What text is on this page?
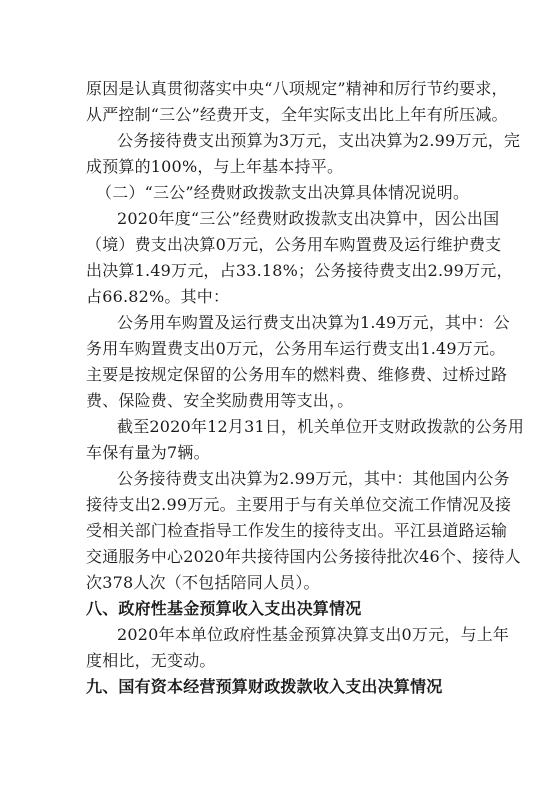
原因是认真贯彻落实中央“八项规定”精神和厉行节约要求，
从严控制“三公”经费开支，全年实际支出比上年有所压减。
公务接待费支出预算为3万元，支出决算为2.99万元，完
成预算的100%，与上年基本持平。
（二）“三公”经费财政拨款支出决算具体情况说明。
2020年度“三公”经费财政拨款支出决算中，因公出国
（境）费支出决算0万元，公务用车购置费及运行维护费支
出决算1.49万元，占33.18%；公务接待费支出2.99万元，
占66.82%。其中：
公务用车购置及运行费支出决算为1.49万元，其中：公
务用车购置费支出0万元，公务用车运行费支出1.49万元。
主要是按规定保留的公务用车的燃料费、维修费、过桥过路
费、保险费、安全奖励费用等支出，。
截至2020年12月31日，机关单位开支财政拨款的公务用
车保有量为7辆。
公务接待费支出决算为2.99万元，其中：其他国内公务
接待支出2.99万元。主要用于与有关单位交流工作情况及接
受相关部门检查指导工作发生的接待支出。平江县道路运输
交通服务中心2020年共接待国内公务接待批次46个、接待人
次378人次（不包括陪同人员）。
八、政府性基金预算收入支出决算情况
2020年本单位政府性基金预算决算支出0万元，与上年
度相比，无变动。
九、国有资本经营预算财政拨款收入支出决算情况
